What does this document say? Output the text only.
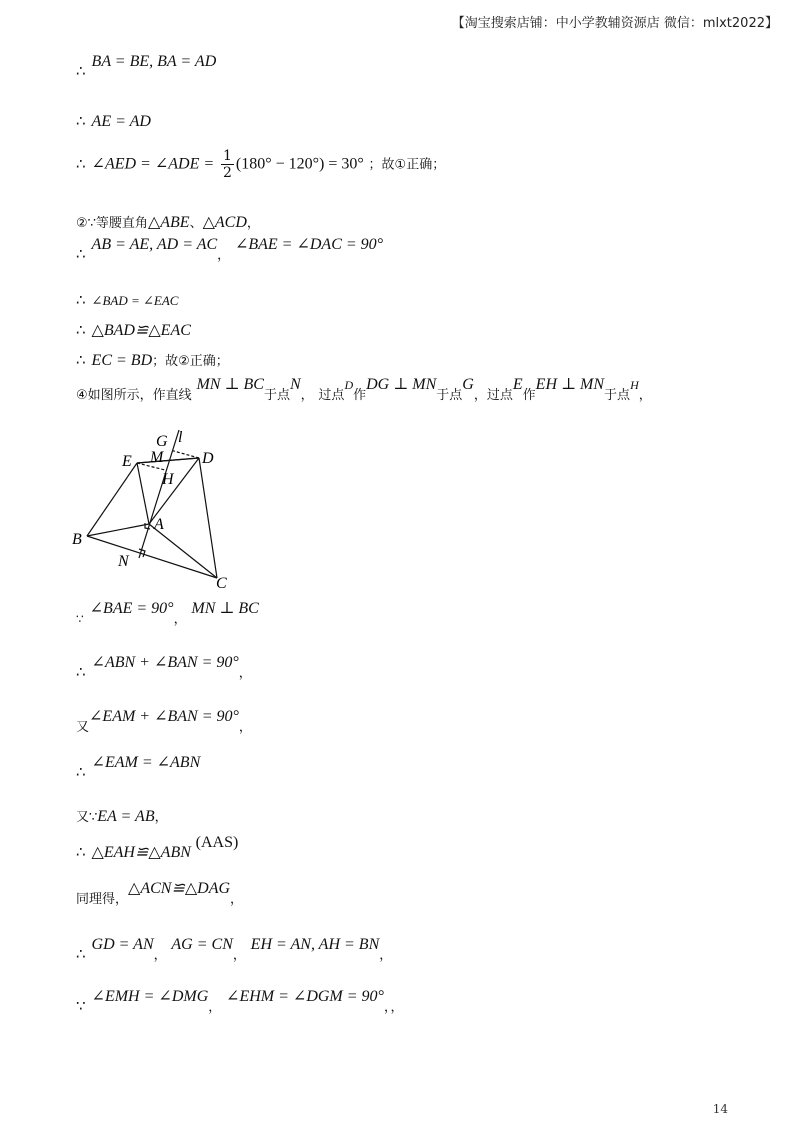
【淘宝搜索店铺：中小学教辅资源店 微信：mlxt2022】
∴BA = BE, BA = AD
∴ AE = AD
∴ ∠AED = ∠ADE = $\frac{1}{2} (180^\circ - 120^\circ) = 30^\circ$ ；故①正确；
②∵等腰直角△ABE、△ACD，
∴AB = AE, AD = AC， ∠BAE = ∠DAC = 90°
∴ ∠BAD = ∠EAC
∴ △BAD≌△EAC
∴ EC = BD；故②正确；
④如图所示，作直线 MN ⊥ BC于点N， 过点$^D$作DG ⊥ MN于点G，过点E作EH ⊥ MN于点$^H$，
G l
E M D
H
A
B
N
C
∵∠BAE = 90°， MN ⊥ BC
∴∠ABN + ∠BAN = 90°，
又∠EAM + ∠BAN = 90°，
∴∠EAM = ∠ABN
又∵EA = AB，
∴ △EAH≌△ABN (AAS)
同理得，△ACN≌△DAG，
∴GD = AN， AG = CN， EH = AN, AH = BN，
∵∠EMH = ∠DMG， ∠EHM = ∠DGM = 90°，，
14
